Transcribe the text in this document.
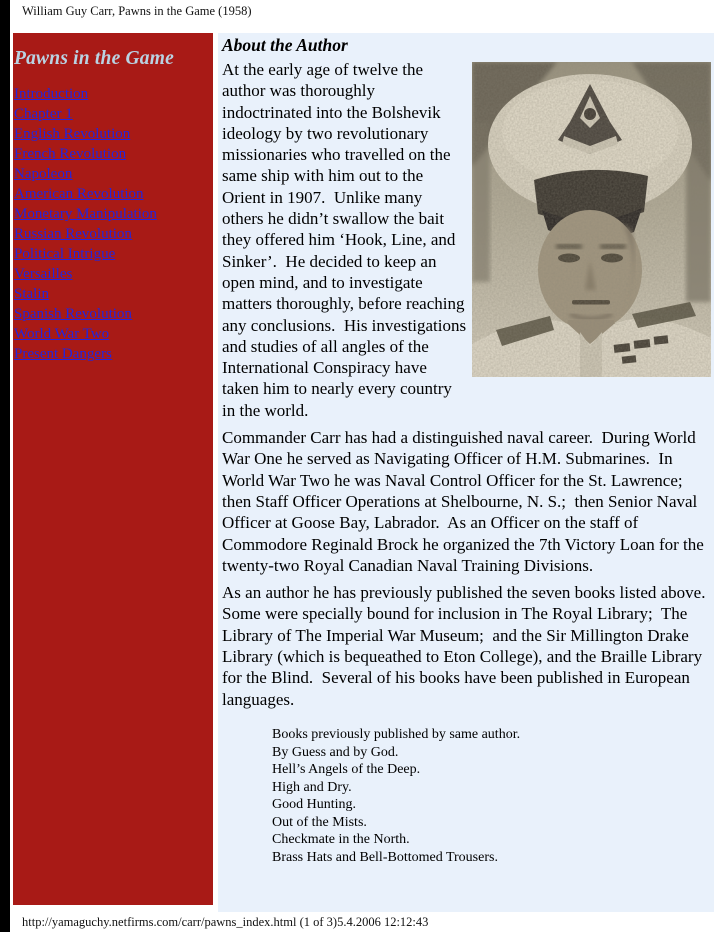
William Guy Carr, Pawns in the Game (1958)
Pawns in the Game
Introduction
Chapter 1
English Revolution
French Revolution
Napoleon
American Revolution
Monetary Manipulation
Russian Revolution
Political Intrigue
Versailles
Stalin
Spanish Revolution
World War Two
Present Dangers
About the Author

At the early age of twelve the author was thoroughly indoctrinated into the Bolshevik ideology by two revolutionary missionaries who travelled on the same ship with him out to the Orient in 1907.  Unlike many others he didn’t swallow the bait they offered him ‘Hook, Line, and Sinker’.  He decided to keep an open mind, and to investigate matters thoroughly, before reaching any conclusions.  His investigations and studies of all angles of the International Conspiracy have taken him to nearly every country in the world.

Commander Carr has had a distinguished naval career.  During World War One he served as Navigating Officer of H.M. Submarines.  In World War Two he was Naval Control Officer for the St. Lawrence;  then Staff Officer Operations at Shelbourne, N. S.;  then Senior Naval Officer at Goose Bay, Labrador.  As an Officer on the staff of Commodore Reginald Brock he organized the 7th Victory Loan for the twenty-two Royal Canadian Naval Training Divisions.

As an author he has previously published the seven books listed above.  Some were specially bound for inclusion in The Royal Library;  The Library of The Imperial War Museum;  and the Sir Millington Drake Library (which is bequeathed to Eton College), and the Braille Library for the Blind.  Several of his books have been published in European languages.

Books previously published by same author.
By Guess and by God.
Hell’s Angels of the Deep.
High and Dry.
Good Hunting.
Out of the Mists.
Checkmate in the North.
Brass Hats and Bell-Bottomed Trousers.
http://yamaguchy.netfirms.com/carr/pawns_index.html (1 of 3)5.4.2006 12:12:43
